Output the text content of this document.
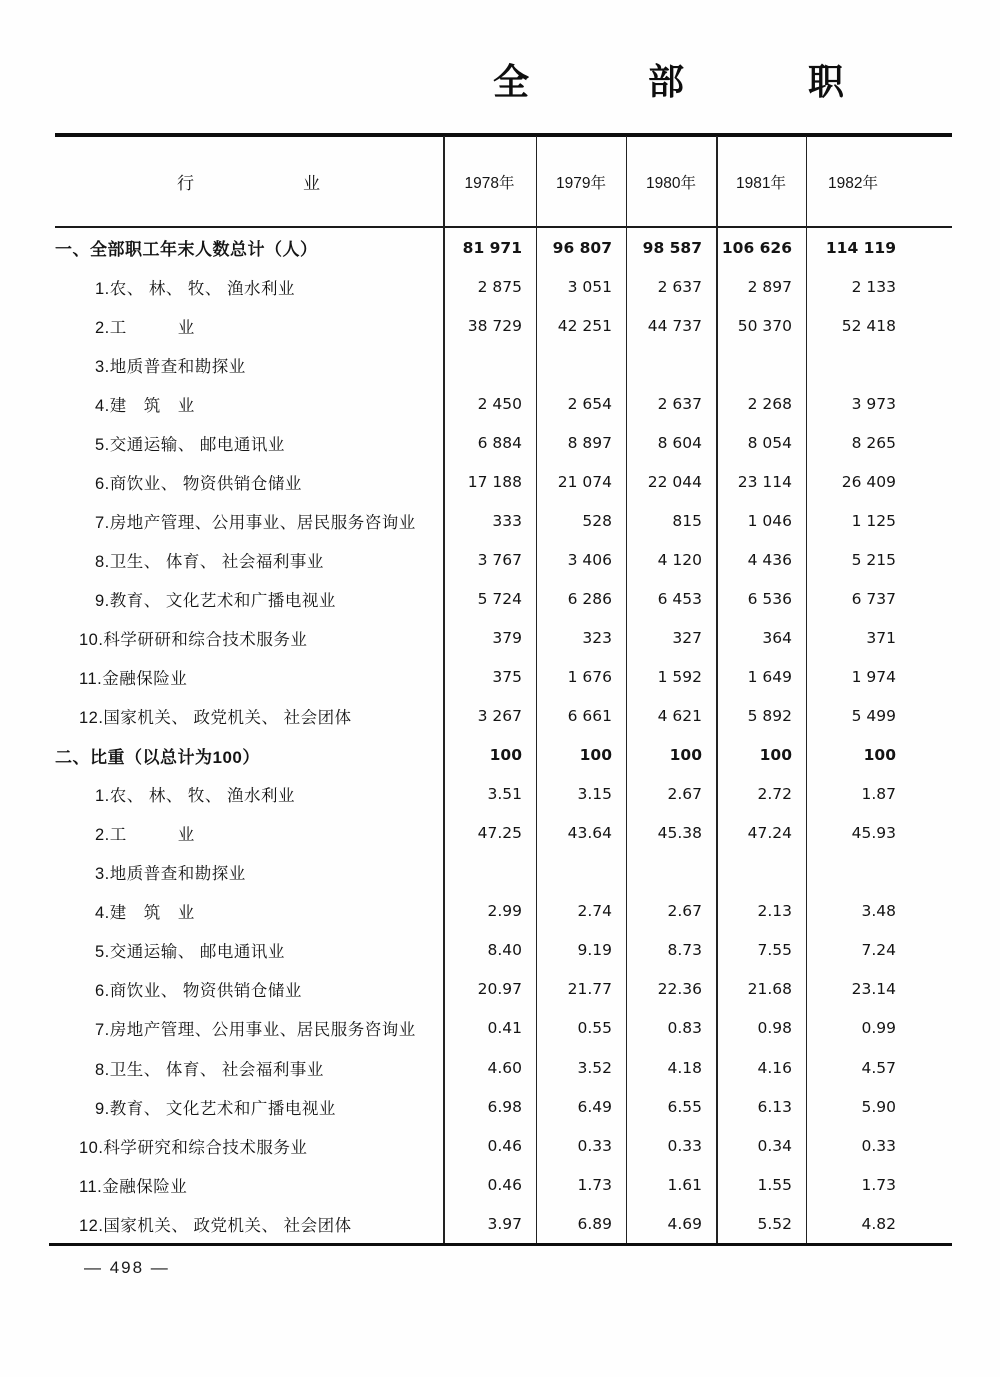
全	部	职
行	业	1978年	1979年	1980年	1981年	1982年
一、全部职工年末人数总计（人）	81 971	96 807	98 587	106 626	114 119
1.农、 林、 牧、 渔水利业	2 875	3 051	2 637	2 897	2 133
2.工　　　业	38 729	42 251	44 737	50 370	52 418
3.地质普查和勘探业
4.建　筑　业	2 450	2 654	2 637	2 268	3 973
5.交通运输、 邮电通讯业	6 884	8 897	8 604	8 054	8 265
6.商饮业、 物资供销仓储业	17 188	21 074	22 044	23 114	26 409
7.房地产管理、公用事业、居民服务咨询业	333	528	815	1 046	1 125
8.卫生、 体育、 社会福利事业	3 767	3 406	4 120	4 436	5 215
9.教育、 文化艺术和广播电视业	5 724	6 286	6 453	6 536	6 737
10.科学研研和综合技术服务业	379	323	327	364	371
11.金融保险业	375	1 676	1 592	1 649	1 974
12.国家机关、 政党机关、 社会团体	3 267	6 661	4 621	5 892	5 499
二、比重（以总计为100）	100	100	100	100	100
1.农、 林、 牧、 渔水利业	3.51	3.15	2.67	2.72	1.87
2.工　　　业	47.25	43.64	45.38	47.24	45.93
3.地质普查和勘探业
4.建　筑　业	2.99	2.74	2.67	2.13	3.48
5.交通运输、 邮电通讯业	8.40	9.19	8.73	7.55	7.24
6.商饮业、 物资供销仓储业	20.97	21.77	22.36	21.68	23.14
7.房地产管理、公用事业、居民服务咨询业	0.41	0.55	0.83	0.98	0.99
8.卫生、 体育、 社会福利事业	4.60	3.52	4.18	4.16	4.57
9.教育、 文化艺术和广播电视业	6.98	6.49	6.55	6.13	5.90
10.科学研究和综合技术服务业	0.46	0.33	0.33	0.34	0.33
11.金融保险业	0.46	1.73	1.61	1.55	1.73
12.国家机关、 政党机关、 社会团体	3.97	6.89	4.69	5.52	4.82
— 498 —
